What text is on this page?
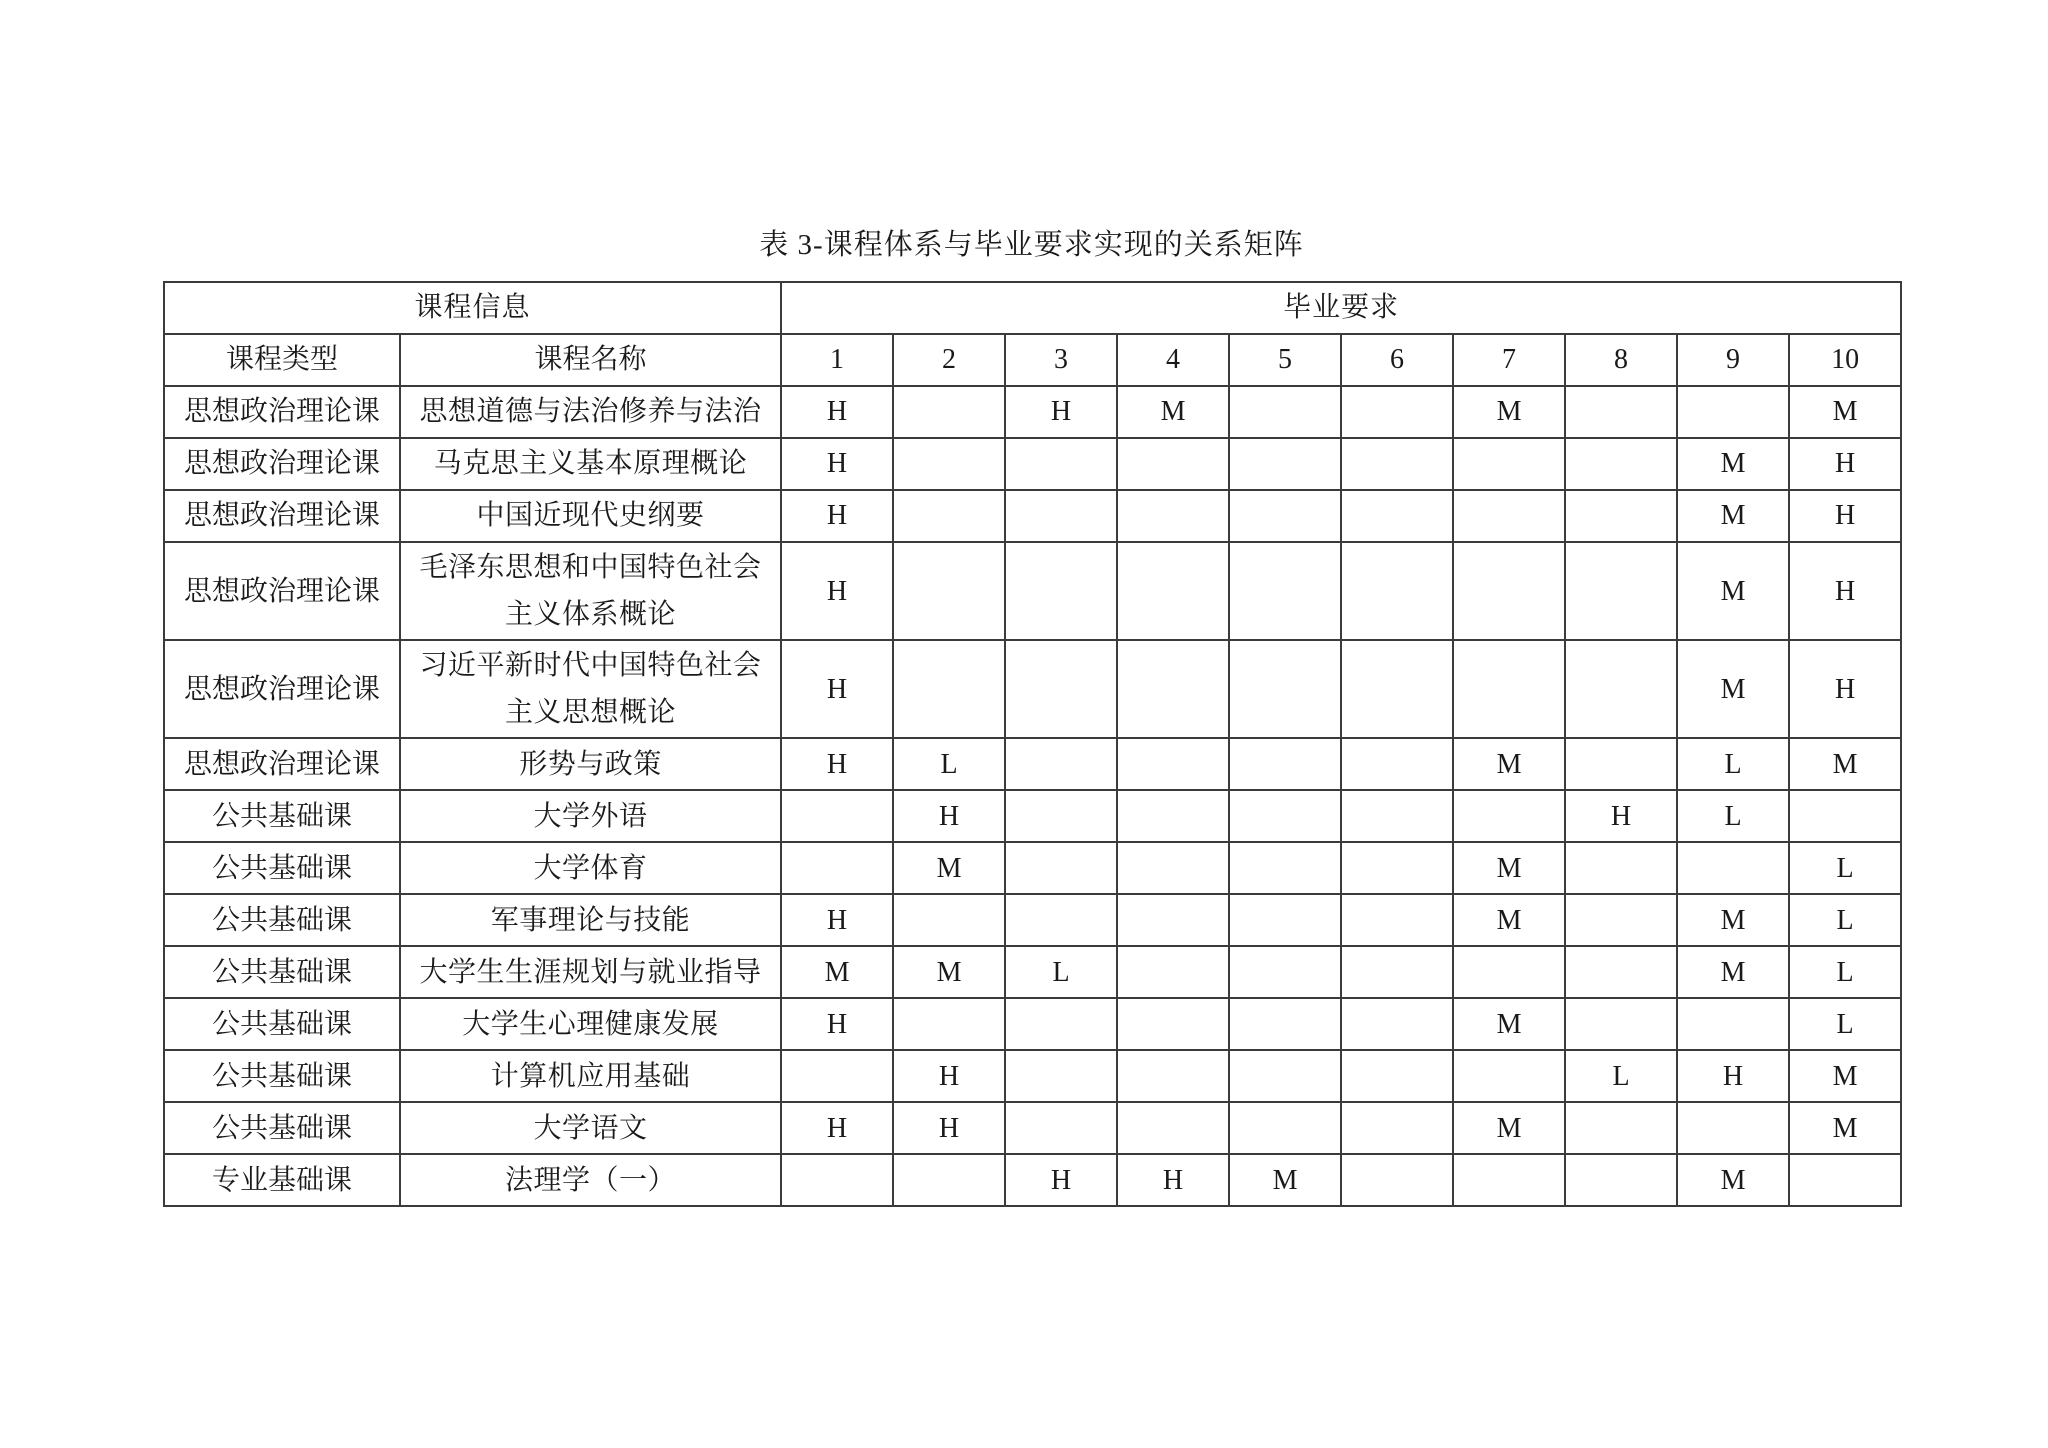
表 3-课程体系与毕业要求实现的关系矩阵
课程信息		毕业要求									
课程类型	课程名称	1	2	3	4	5	6	7	8	9	10
思想政治理论课	思想道德与法治修养与法治	H		H	M			M			M
思想政治理论课	马克思主义基本原理概论	H								M	H
思想政治理论课	中国近现代史纲要	H								M	H
思想政治理论课	毛泽东思想和中国特色社会主义体系概论	H								M	H
思想政治理论课	习近平新时代中国特色社会主义思想概论	H								M	H
思想政治理论课	形势与政策	H	L					M		L	M
公共基础课	大学外语		H						H	L	
公共基础课	大学体育		M					M			L
公共基础课	军事理论与技能	H						M		M	L
公共基础课	大学生生涯规划与就业指导	M	M	L						M	L
公共基础课	大学生心理健康发展	H						M			L
公共基础课	计算机应用基础		H						L	H	M
公共基础课	大学语文	H	H					M			M
专业基础课	法理学（一）			H	H	M				M	
